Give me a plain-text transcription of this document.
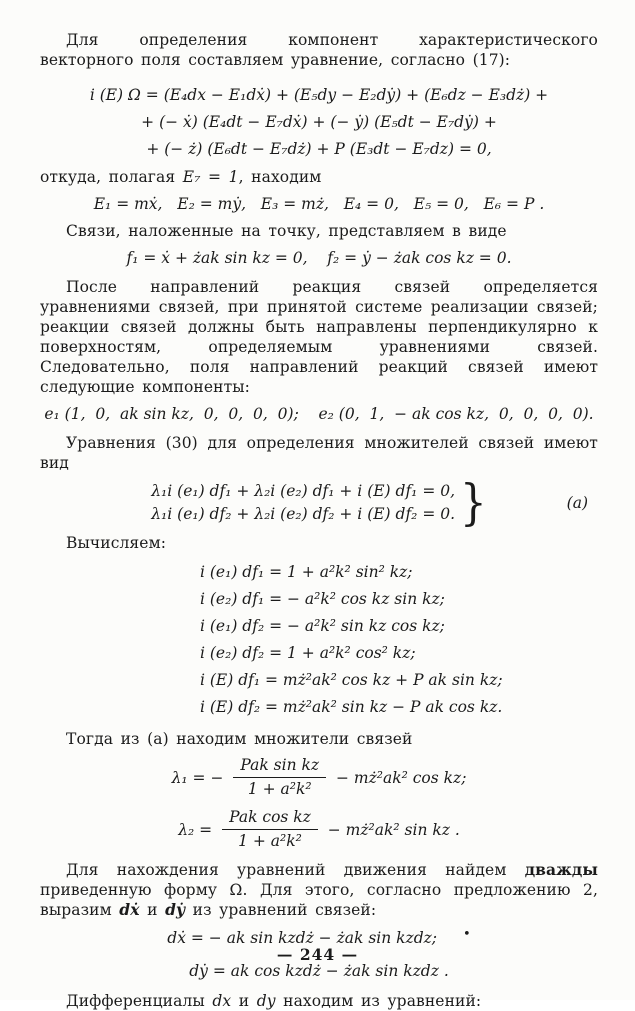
Для определения компонент характеристического векторного поля составляем уравнение, согласно (17):
i (E) Ω = (E₄dx − E₁dẋ) + (E₅dy − E₂dẏ) + (E₆dz − E₃dż) +
+ (− ẋ) (E₄dt − E₇dẋ) + (− ẏ) (E₅dt − E₇dẏ) +
+ (− ż) (E₆dt − E₇dż) + P (E₃dt − E₇dz) = 0,
откуда, полагая E₇ = 1, находим
E₁ = mẋ,   E₂ = mẏ,   E₃ = mż,   E₄ = 0,   E₅ = 0,   E₆ = P .
Связи, наложенные на точку, представляем в виде
f₁ = ẋ + żak sin kz = 0,    f₂ = ẏ − żak cos kz = 0.
После направлений реакция связей определяется уравнениями связей, при принятой системе реализации связей; реакции связей должны быть направлены перпендикулярно к поверхностям, определяемым уравнениями связей. Следовательно, поля направлений реакций связей имеют следующие компоненты:
e₁ (1,  0,  ak sin kz,  0,  0,  0,  0);    e₂ (0,  1,  − ak cos kz,  0,  0,  0,  0).
Уравнения (30) для определения множителей связей имеют вид
λ₁i (e₁) df₁ + λ₂i (e₂) df₁ + i (E) df₁ = 0,
λ₁i (e₁) df₂ + λ₂i (e₂) df₂ + i (E) df₂ = 0. }	(a)
Вычисляем:
i (e₁) df₁ = 1 + a²k² sin² kz;
i (e₂) df₁ = − a²k² cos kz sin kz;
i (e₁) df₂ = − a²k² sin kz cos kz;
i (e₂) df₂ = 1 + a²k² cos² kz;
i (E) df₁ = mż²ak² cos kz + P ak sin kz;
i (E) df₂ = mż²ak² sin kz − P ak cos kz.
Тогда из (а) находим множители связей
λ₁ = − $\frac{\text{Pak sin kz}}{\text{1 + a²k²}}$ − mż²ak² cos kz;
$\lambda_2 = \frac{\text{Pak cos kz}}{\text{1 + a²k²}}$ − mż²ak² sin kz .
Для нахождения уравнений движения найдем дважды приведенную форму Ω. Для этого, согласно предложению 2, выразим dẋ и dẏ из уравнений связей:
dẋ = − ak sin kzdż − żak sin kzdz; •
dẏ = ak cos kzdż − żak sin kzdz .
Дифференциалы dx и dy находим из уравнений:
— 244 —
